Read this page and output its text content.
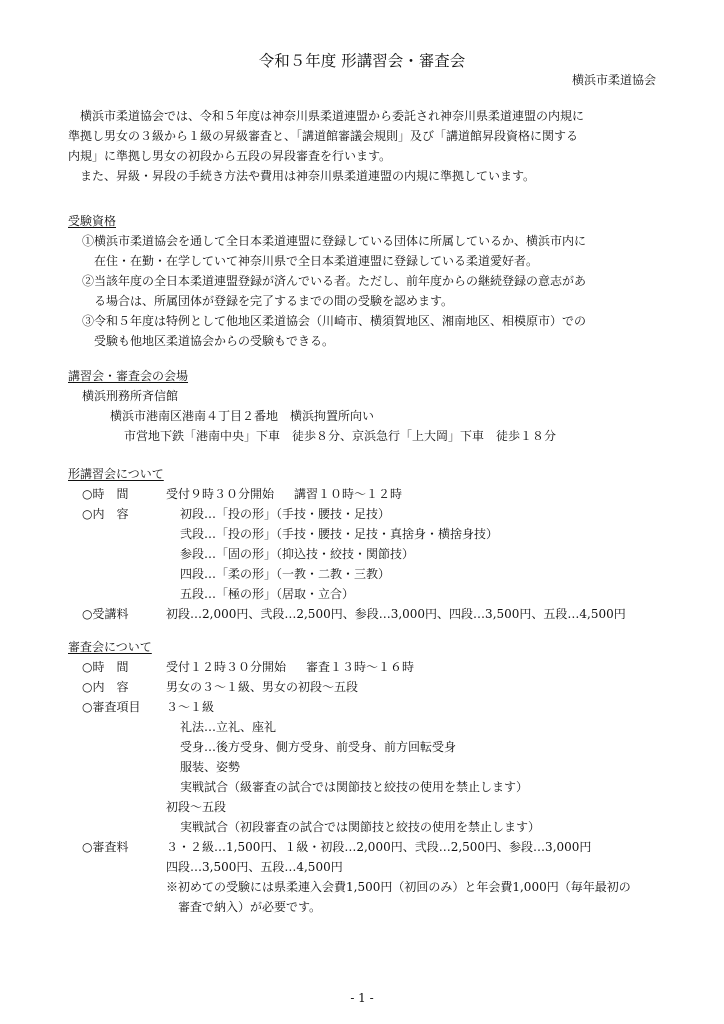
令和５年度 形講習会・審査会
横浜市柔道協会
　横浜市柔道協会では、令和５年度は神奈川県柔道連盟から委託され神奈川県柔道連盟の内規に
準拠し男女の３級から１級の昇級審査と、「講道館審議会規則」及び「講道館昇段資格に関する
内規」に準拠し男女の初段から五段の昇段審査を行います。
　また、昇級・昇段の手続き方法や費用は神奈川県柔道連盟の内規に準拠しています。
受験資格
①横浜市柔道協会を通して全日本柔道連盟に登録している団体に所属しているか、横浜市内に
　在住・在勤・在学していて神奈川県で全日本柔道連盟に登録している柔道愛好者。
②当該年度の全日本柔道連盟登録が済んでいる者。ただし、前年度からの継続登録の意志があ
　る場合は、所属団体が登録を完了するまでの間の受験を認めます。
③令和５年度は特例として他地区柔道協会（川崎市、横須賀地区、湘南地区、相模原市）での
　受験も他地区柔道協会からの受験もできる。
講習会・審査会の会場
横浜刑務所斉信館
横浜市港南区港南４丁目２番地　横浜拘置所向い
市営地下鉄「港南中央」下車　徒歩８分、京浜急行「上大岡」下車　徒歩１８分
形講習会について
○時　間	受付９時３０分開始 講習１０時～１２時
○内　容	初段…「投の形」（手技・腰技・足技）
弐段…「投の形」（手技・腰技・足技・真捨身・横捨身技）
参段…「固の形」（抑込技・絞技・関節技）
四段…「柔の形」（一教・二教・三教）
五段…「極の形」（居取・立合）
○受講料	初段…2,000円、弐段…2,500円、参段…3,000円、四段…3,500円、五段…4,500円
審査会について
○時　間	受付１２時３０分開始 審査１３時～１６時
○内　容	男女の３～１級、男女の初段～五段
○審査項目 ３～１級
礼法…立礼、座礼
受身…後方受身、側方受身、前受身、前方回転受身
服装、姿勢
実戦試合（級審査の試合では関節技と絞技の使用を禁止します）
初段～五段
実戦試合（初段審査の試合では関節技と絞技の使用を禁止します）
○審査料	３・２級…1,500円、１級・初段…2,000円、弐段…2,500円、参段…3,000円
四段…3,500円、五段…4,500円
※初めての受験には県柔連入会費1,500円（初回のみ）と年会費1,000円（毎年最初の
　審査で納入）が必要です。
- 1 -
